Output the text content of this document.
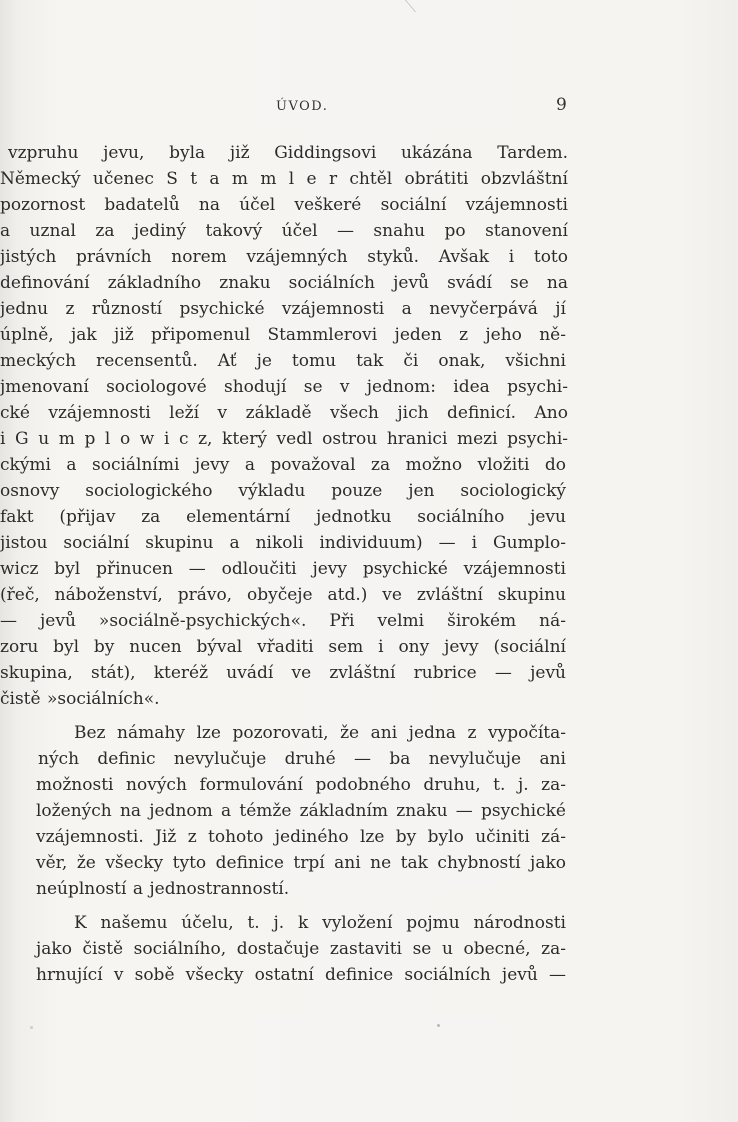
ÚVOD.	9
vzpruhu jevu, byla již Giddingsovi ukázána Tardem.
Německý učenec S t a m m l e r chtěl obrátiti obzvláštní
pozornost badatelů na účel veškeré sociální vzájemnosti
a uznal za jediný takový účel — snahu po stanovení
jistých právních norem vzájemných styků. Avšak i toto
definování základního znaku sociálních jevů svádí se na
jednu z růzností psychické vzájemnosti a nevyčerpává jí
úplně, jak již připomenul Stammlerovi jeden z jeho ně-
meckých recensentů. Ať je tomu tak či onak, všichni
jmenovaní sociologové shodují se v jednom: idea psychi-
cké vzájemnosti leží v základě všech jich definicí. Ano
i G u m p l o w i c z, který vedl ostrou hranici mezi psychi-
ckými a sociálními jevy a považoval za možno vložiti do
osnovy sociologického výkladu pouze jen sociologický
fakt (přijav za elementární jednotku sociálního jevu
jistou sociální skupinu a nikoli individuum) — i Gumplo-
wicz byl přinucen — odloučiti jevy psychické vzájemnosti
(řeč, náboženství, právo, obyčeje atd.) ve zvláštní skupinu
— jevů »sociálně-psychických«. Při velmi širokém ná-
zoru byl by nucen býval vřaditi sem i ony jevy (sociální
skupina, stát), kteréž uvádí ve zvláštní rubrice — jevů
čistě »sociálních«.
Bez námahy lze pozorovati, že ani jedna z vypočíta-
ných definic nevylučuje druhé — ba nevylučuje ani
možnosti nových formulování podobného druhu, t. j. za-
ložených na jednom a témže základním znaku — psychické
vzájemnosti. Již z tohoto jediného lze by bylo učiniti zá-
věr, že všecky tyto definice trpí ani ne tak chybností jako
neúplností a jednostranností.
K našemu účelu, t. j. k vyložení pojmu národnosti
jako čistě sociálního, dostačuje zastaviti se u obecné, za-
hrnující v sobě všecky ostatní definice sociálních jevů —
